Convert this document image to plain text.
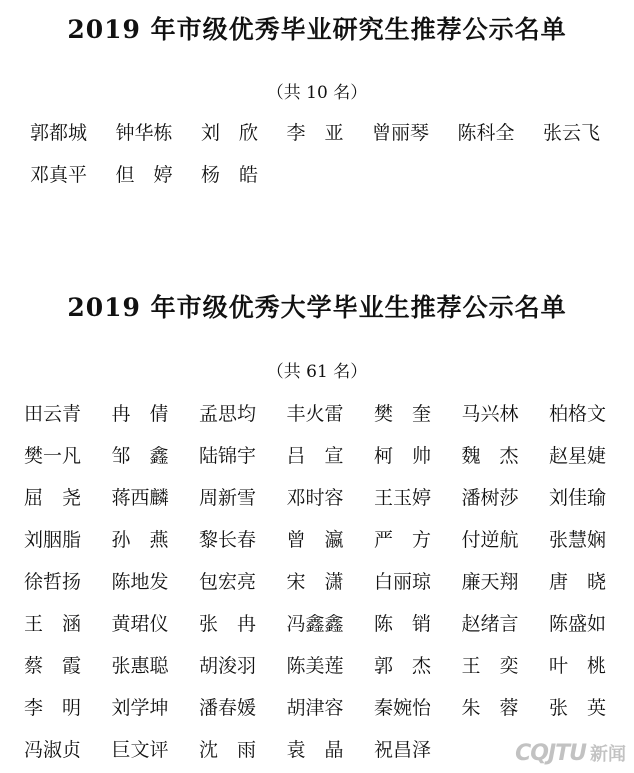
2019 年市级优秀毕业研究生推荐公示名单
（共 10 名）
郭都城 钟华栋 刘　欣 李　亚 曾丽琴 陈科全 张云飞
邓真平 但　婷 杨　皓
2019 年市级优秀大学毕业生推荐公示名单
（共 61 名）
田云青 冉　倩 孟思均 丰火雷 樊　奎 马兴林 柏格文
樊一凡 邹　鑫 陆锦宇 吕　宣 柯　帅 魏　杰 赵星婕
屈　尧 蒋西麟 周新雪 邓时容 王玉婷 潘树莎 刘佳瑜
刘胭脂 孙　燕 黎长春 曾　瀛 严　方 付逆航 张慧娴
徐哲扬 陈地发 包宏亮 宋　潇 白丽琼 廉天翔 唐　晓
王　涵 黄珺仪 张　冉 冯鑫鑫 陈　销 赵绪言 陈盛如
蔡　霞 张惠聪 胡浚羽 陈美莲 郭　杰 王　奕 叶　桃
李　明 刘学坤 潘春媛 胡津容 秦婉怡 朱　蓉 张　英
冯淑贞 巨文评 沈　雨 袁　晶 祝昌泽	CQJTU 新闻
